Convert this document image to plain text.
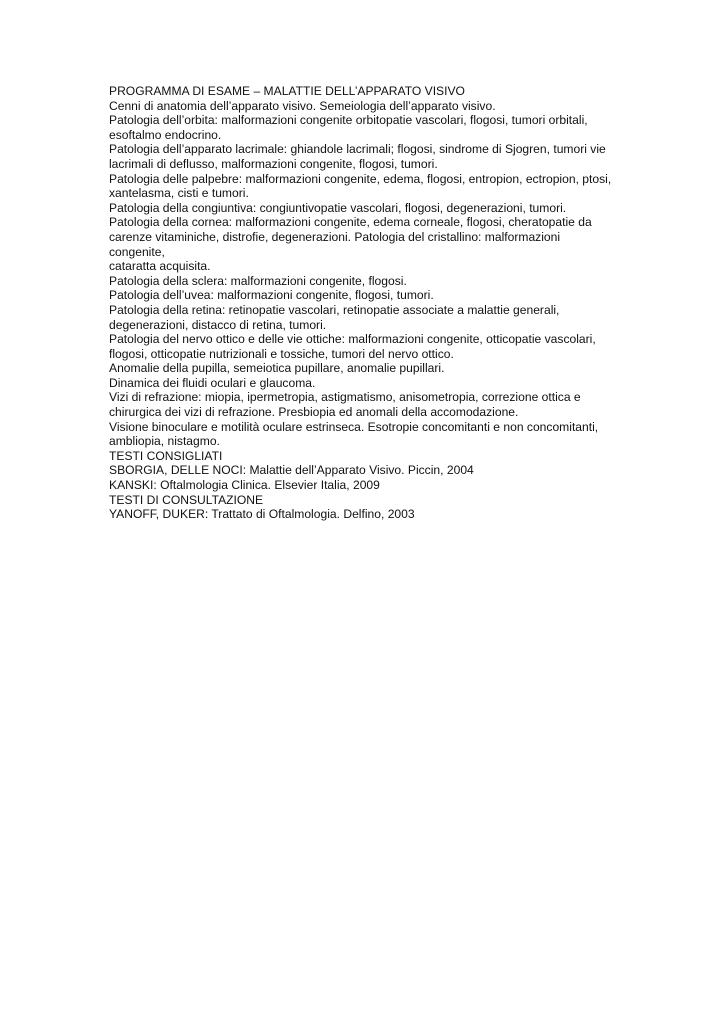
PROGRAMMA DI ESAME – MALATTIE DELL’APPARATO VISIVO
Cenni di anatomia dell’apparato visivo. Semeiologia dell’apparato visivo.
Patologia dell’orbita: malformazioni congenite orbitopatie vascolari, flogosi, tumori orbitali,
esoftalmo endocrino.
Patologia dell’apparato lacrimale: ghiandole lacrimali; flogosi, sindrome di Sjogren, tumori vie
lacrimali di deflusso, malformazioni congenite, flogosi, tumori.
Patologia delle palpebre: malformazioni congenite, edema, flogosi, entropion, ectropion, ptosi,
xantelasma, cisti e tumori.
Patologia della congiuntiva: congiuntivopatie vascolari, flogosi, degenerazioni, tumori.
Patologia della cornea: malformazioni congenite, edema corneale, flogosi, cheratopatie da
carenze vitaminiche, distrofie, degenerazioni. Patologia del cristallino: malformazioni
congenite,
cataratta acquisita.
Patologia della sclera: malformazioni congenite, flogosi.
Patologia dell’uvea: malformazioni congenite, flogosi, tumori.
Patologia della retina: retinopatie vascolari, retinopatie associate a malattie generali,
degenerazioni, distacco di retina, tumori.
Patologia del nervo ottico e delle vie ottiche: malformazioni congenite, otticopatie vascolari,
flogosi, otticopatie nutrizionali e tossiche, tumori del nervo ottico.
Anomalie della pupilla, semeiotica pupillare, anomalie pupillari.
Dinamica dei fluidi oculari e glaucoma.
Vizi di refrazione: miopia, ipermetropia, astigmatismo, anisometropia, correzione ottica e
chirurgica dei vizi di refrazione. Presbiopia ed anomali della accomodazione.
Visione binoculare e motilità oculare estrinseca. Esotropie concomitanti e non concomitanti,
ambliopia, nistagmo.
TESTI CONSIGLIATI
SBORGIA, DELLE NOCI: Malattie dell’Apparato Visivo. Piccin, 2004
KANSKI: Oftalmologia Clinica. Elsevier Italia, 2009
TESTI DI CONSULTAZIONE
YANOFF, DUKER: Trattato di Oftalmologia. Delfino, 2003
